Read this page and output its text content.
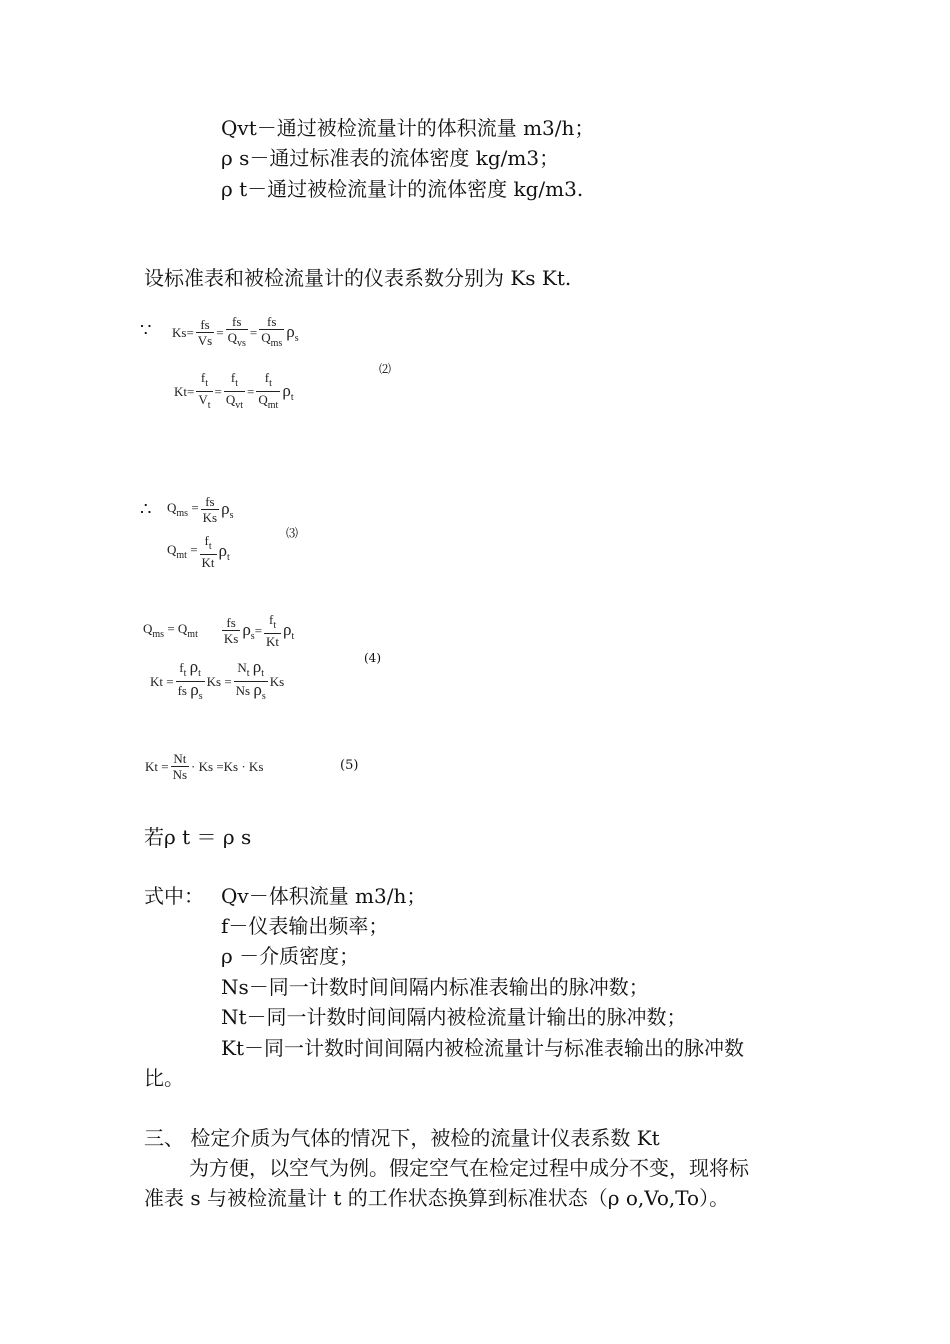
Qvt－通过被检流量计的体积流量 m3/h；
ρ s－通过标准表的流体密度 kg/m3；
ρ t－通过被检流量计的流体密度 kg/m3.
设标准表和被检流量计的仪表系数分别为 Ks Kt.
∵ $Ks= \frac{fs}{Vs} = \frac{fs}{Q_{vs}} = \frac{fs}{Q_{ms}} \rho_s$
$Kt= \frac{f_t}{V_t} = \frac{f_t}{Q_{vt}} = \frac{f_t}{Q_{mt}} \rho_t$
⑵
∴ $Q_{ms} = \frac{fs}{Ks} \rho_s$
$Q_{mt} = \frac{f_t}{Kt} \rho_t$
⑶
$Q_{ms} = Q_{mt} \frac{fs}{Ks} \rho_s = \frac{f_t}{Kt} \rho_t$
$Kt = \frac{f_t \rho_t}{fs \rho_s}$ $Ks = \frac{N_t \rho_t}{Ns \rho_s}$ Ks
(4)
$Kt = \frac{Nt}{Ns} \cdot Ks =Ks \cdot Ks$	(5)
若ρ t ＝ ρ s
式中： Qv－体积流量 m3/h；
f－仪表输出频率；
ρ －介质密度；
Ns－同一计数时间间隔内标准表输出的脉冲数；
Nt－同一计数时间间隔内被检流量计输出的脉冲数；
Kt－同一计数时间间隔内被检流量计与标准表输出的脉冲数
比。
三、 检定介质为气体的情况下，被检的流量计仪表系数 Kt
为方便，以空气为例。假定空气在检定过程中成分不变，现将标
准表 s 与被检流量计 t 的工作状态换算到标准状态（ρ o,Vo,To）。
